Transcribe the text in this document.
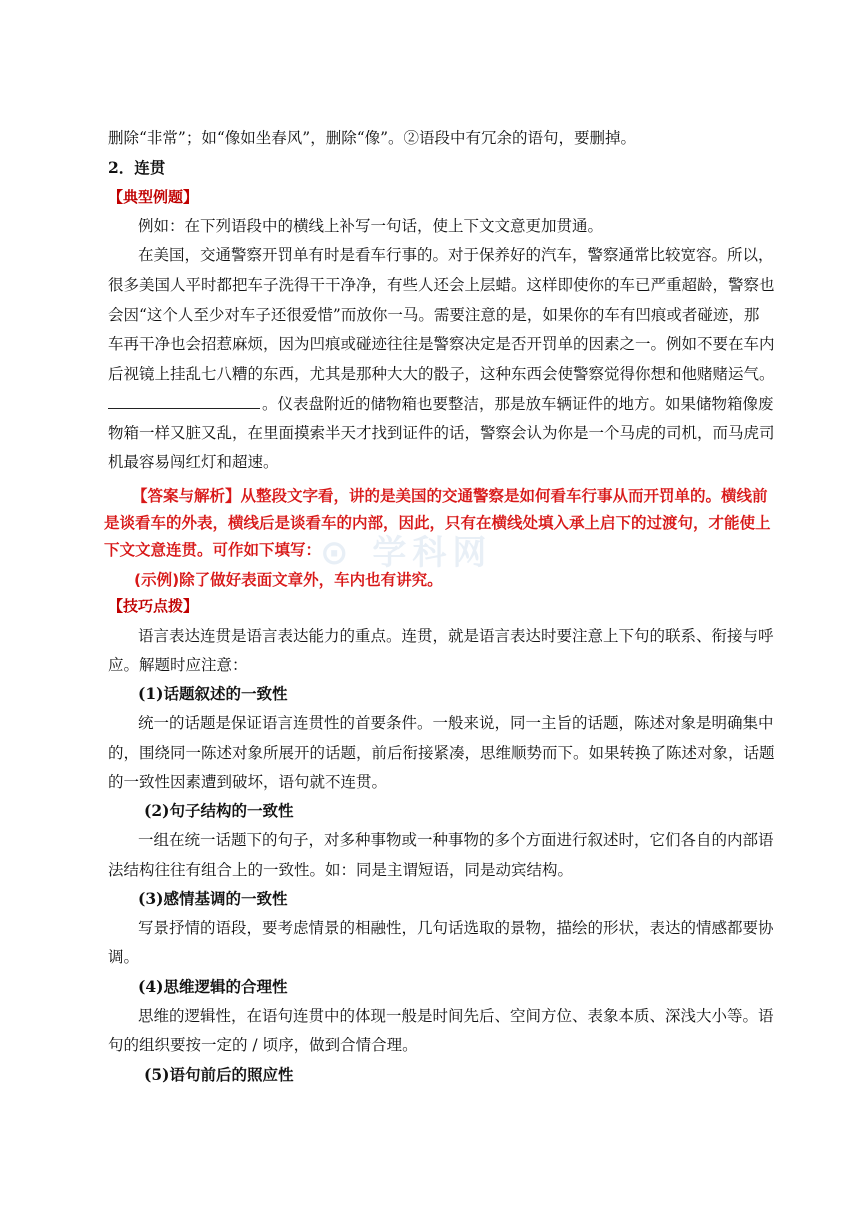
删除“非常”；如“像如坐春风”，删除“像”。②语段中有冗余的语句，要删掉。
2．连贯
【典型例题】
例如：在下列语段中的横线上补写一句话，使上下文文意更加贯通。
在美国，交通警察开罚单有时是看车行事的。对于保养好的汽车，警察通常比较宽容。所以，
很多美国人平时都把车子洗得干干净净，有些人还会上层蜡。这样即使你的车已严重超龄，警察也
会因“这个人至少对车子还很爱惜”而放你一马。需要注意的是，如果你的车有凹痕或者碰迹，那
车再干净也会招惹麻烦，因为凹痕或碰迹往往是警察决定是否开罚单的因素之一。例如不要在车内
后视镜上挂乱七八糟的东西，尤其是那种大大的骰子，这种东西会使警察觉得你想和他赌赌运气。
。仪表盘附近的储物箱也要整洁，那是放车辆证件的地方。如果储物箱像废
物箱一样又脏又乱，在里面摸索半天才找到证件的话，警察会认为你是一个马虎的司机，而马虎司
机最容易闯红灯和超速。
⊙ 学科网
【答案与解析】从整段文字看，讲的是美国的交通警察是如何看车行事从而开罚单的。横线前
是谈看车的外表，横线后是谈看车的内部，因此，只有在横线处填入承上启下的过渡句，才能使上
下文文意连贯。可作如下填写：
(示例)除了做好表面文章外，车内也有讲究。
【技巧点拨】
语言表达连贯是语言表达能力的重点。连贯，就是语言表达时要注意上下句的联系、衔接与呼
应。解题时应注意：
(1)话题叙述的一致性
统一的话题是保证语言连贯性的首要条件。一般来说，同一主旨的话题，陈述对象是明确集中
的，围绕同一陈述对象所展开的话题，前后衔接紧凑，思维顺势而下。如果转换了陈述对象，话题
的一致性因素遭到破坏，语句就不连贯。
(2)句子结构的一致性
一组在统一话题下的句子，对多种事物或一种事物的多个方面进行叙述时，它们各自的内部语
法结构往往有组合上的一致性。如：同是主谓短语，同是动宾结构。
(3)感情基调的一致性
写景抒情的语段，要考虑情景的相融性，几句话选取的景物，描绘的形状，表达的情感都要协
调。
(4)思维逻辑的合理性
思维的逻辑性，在语句连贯中的体现一般是时间先后、空间方位、表象本质、深浅大小等。语
句的组织要按一定的 / 顷序，做到合情合理。
(5)语句前后的照应性
